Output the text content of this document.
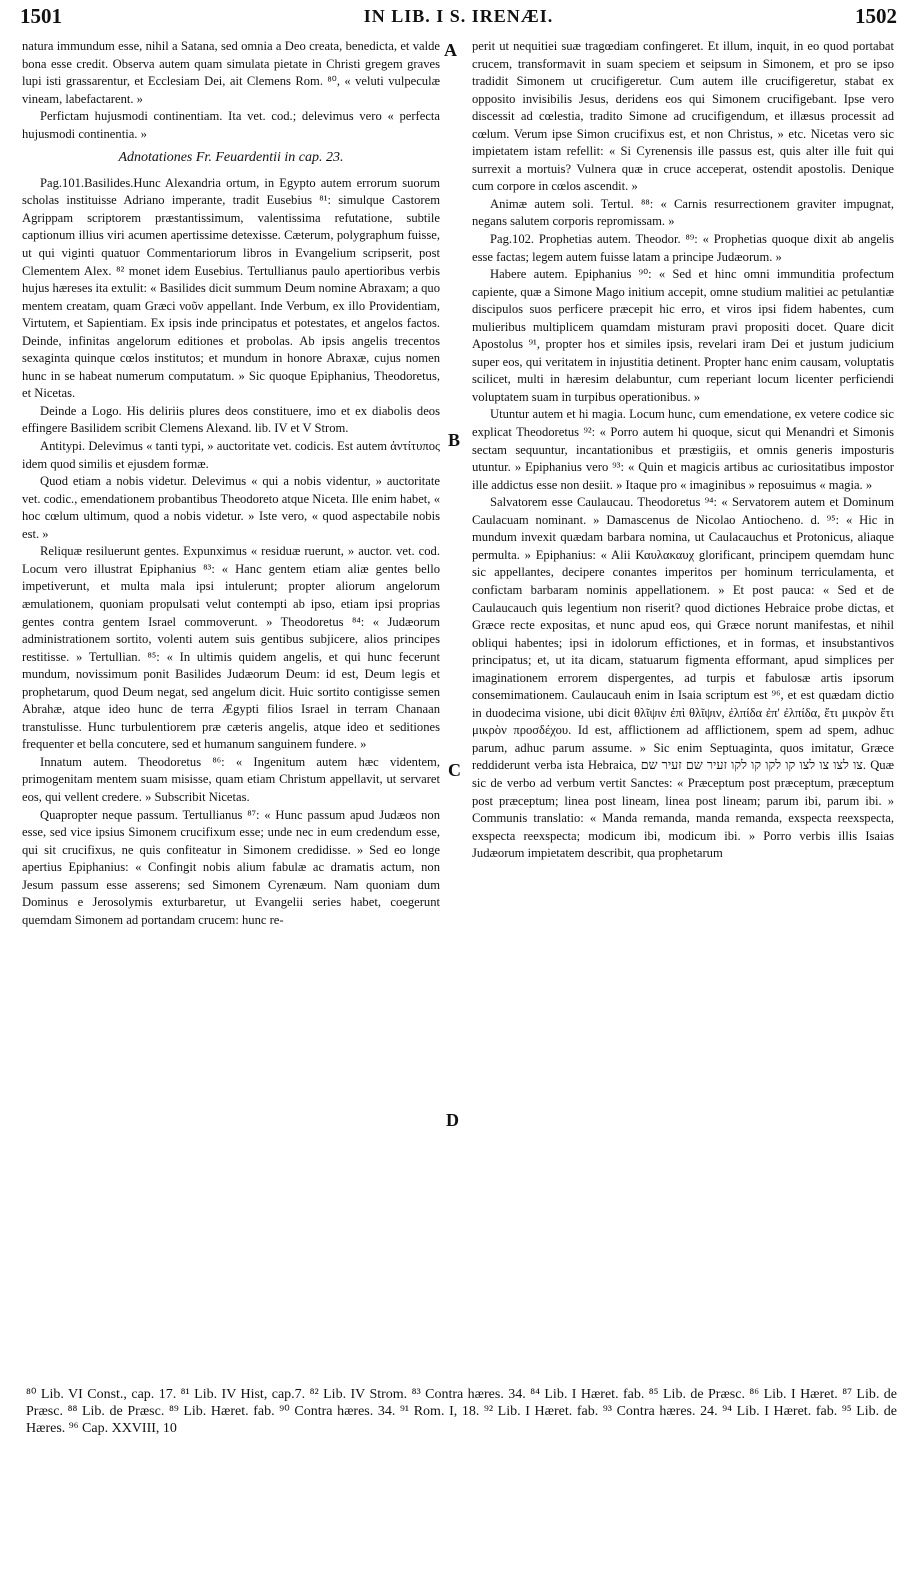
1501	IN LIB. I S. IRENÆI.	1502

natura immundum esse, nihil a Satana, sed omnia a Deo creata, benedicta, et valde bona esse credit. Observa autem quam simulata pietate in Christi gregem graves lupi isti grassarentur, et Ecclesiam Dei, ait Clemens Rom. ⁸⁰, « veluti vulpeculæ vineam, labefactarent. »

Perfictam hujusmodi continentiam. Ita vet. cod.; delevimus vero « perfecta hujusmodi continentia. »

Adnotationes Fr. Feuardentii in cap. 23.

Pag.101.Basilides.Hunc Alexandria ortum, in Egypto autem errorum suorum scholas instituisse Adriano imperante, tradit Eusebius ⁸¹: simulque Castorem Agrippam scriptorem præstantissimum, valentissima refutatione, subtile captionum illius viri acumen apertissime detexisse. Cæterum, polygraphum fuisse, ut qui viginti quatuor Commentariorum libros in Evangelium scripserit, post Clementem Alex. ⁸² monet idem Eusebius. Tertullianus paulo apertioribus verbis hujus hæreses ita extulit: « Basilides dicit summum Deum nomine Abraxam; a quo mentem creatam, quam Græci νοῦν appellant. Inde Verbum, ex illo Providentiam, Virtutem, et Sapientiam. Ex ipsis inde principatus et potestates, et angelos factos. Deinde, infinitas angelorum editiones et probolas. Ab ipsis angelis trecentos sexaginta quinque cœlos institutos; et mundum in honore Abraxæ, cujus nomen hunc in se habeat numerum computatum. » Sic quoque Epiphanius, Theodoretus, et Nicetas.

Deinde a Logo. His deliriis plures deos constituere, imo et ex diabolis deos effingere Basilidem scribit Clemens Alexand. lib. IV et V Strom.

Antitypi. Delevimus « tanti typi, » auctoritate vet. codicis. Est autem ἀντίτυπος idem quod similis et ejusdem formæ.

Quod etiam a nobis videtur. Delevimus « qui a nobis videntur, » auctoritate vet. codic., emendationem probantibus Theodoreto atque Niceta. Ille enim habet, « hoc cœlum ultimum, quod a nobis videtur. » Iste vero, « quod aspectabile nobis est. »

Reliquæ resiluerunt gentes. Expunximus « residuæ ruerunt, » auctor. vet. cod. Locum vero illustrat Epiphanius ⁸³: « Hanc gentem etiam aliæ gentes bello impetiverunt, et multa mala ipsi intulerunt; propter aliorum angelorum æmulationem, quoniam propulsati velut contempti ab ipso, etiam ipsi proprias gentes contra gentem Israel commoverunt. » Theodoretus ⁸⁴: « Judæorum administrationem sortito, volenti autem suis gentibus subjicere, alios principes restitisse. » Tertullian. ⁸⁵: « In ultimis quidem angelis, et qui hunc fecerunt mundum, novissimum ponit Basilides Judæorum Deum: id est, Deum legis et prophetarum, quod Deum negat, sed angelum dicit. Huic sortito contigisse semen Abrahæ, atque ideo hunc de terra Ægypti filios Israel in terram Chanaan transtulisse. Hunc turbulentiorem præ cæteris angelis, atque ideo et seditiones frequenter et bella concutere, sed et humanum sanguinem fundere. »

Innatum autem. Theodoretus ⁸⁶: « Ingenitum autem hæc videntem, primogenitam mentem suam misisse, quam etiam Christum appellavit, ut servaret eos, qui vellent credere. » Subscribit Nicetas.

Quapropter neque passum. Tertullianus ⁸⁷: « Hunc passum apud Judæos non esse, sed vice ipsius Simonem crucifixum esse; unde nec in eum credendum esse, qui sit crucifixus, ne quis confiteatur in Simonem credidisse. » Sed eo longe apertius Epiphanius: « Confingit nobis alium fabulæ ac dramatis actum, non Jesum passum esse asserens; sed Simonem Cyrenæum. Nam quoniam dum Dominus e Jerosolymis exturbaretur, ut Evangelii series habet, coegerunt quemdam Simonem ad portandam crucem: hunc re-

A
B
C
D

perit ut nequitiei suæ tragœdiam confingeret. Et illum, inquit, in eo quod portabat crucem, transformavit in suam speciem et seipsum in Simonem, et pro se ipso tradidit Simonem ut crucifigeretur. Cum autem ille crucifigeretur, stabat ex opposito invisibilis Jesus, deridens eos qui Simonem crucifigebant. Ipse vero discessit ad cœlestia, tradito Simone ad crucifigendum, et illæsus processit ad cœlum. Verum ipse Simon crucifixus est, et non Christus, » etc. Nicetas vero sic impietatem istam refellit: « Si Cyrenensis ille passus est, quis alter ille fuit qui surrexit a mortuis? Vulnera quæ in cruce acceperat, ostendit apostolis. Denique cum corpore in cœlos ascendit. »

Animæ autem soli. Tertul. ⁸⁸: « Carnis resurrectionem graviter impugnat, negans salutem corporis repromissam. »

Pag.102. Prophetias autem. Theodor. ⁸⁹: « Prophetias quoque dixit ab angelis esse factas; legem autem fuisse latam a principe Judæorum. »

Habere autem. Epiphanius ⁹⁰: « Sed et hinc omni immunditia profectum capiente, quæ a Simone Mago initium accepit, omne studium malitiei ac petulantiæ discipulos suos perficere præcepit hic erro, et viros ipsi fidem habentes, cum mulieribus multiplicem quamdam misturam pravi propositi docet. Quare dicit Apostolus ⁹¹, propter hos et similes ipsis, revelari iram Dei et justum judicium super eos, qui veritatem in injustitia detinent. Propter hanc enim causam, voluptatis scilicet, multi in hæresim delabuntur, cum reperiant locum licenter perficiendi voluptatem suam in turpibus operationibus. »

Utuntur autem et hi magia. Locum hunc, cum emendatione, ex vetere codice sic explicat Theodoretus ⁹²: « Porro autem hi quoque, sicut qui Menandri et Simonis sectam sequuntur, incantationibus et præstigiis, et omnis generis imposturis utuntur. » Epiphanius vero ⁹³: « Quin et magicis artibus ac curiositatibus impostor ille addictus esse non desiit. » Itaque pro « imaginibus » reposuimus « magia. »

Salvatorem esse Caulaucau. Theodoretus ⁹⁴: « Servatorem autem et Dominum Caulacuam nominant. » Damascenus de Nicolao Antiocheno. d. ⁹⁵: « Hic in mundum invexit quædam barbara nomina, ut Caulacauchus et Protonicus, aliaque permulta. » Epiphanius: « Alii Καυλακαυχ glorificant, principem quemdam hunc sic appellantes, decipere conantes imperitos per hominum terriculamenta, et confictam barbaram nominis appellationem. » Et post pauca: « Sed et de Caulaucauch quis legentium non riserit? quod dictiones Hebraice probe dictas, et Græce recte expositas, et nunc apud eos, qui Græce norunt manifestas, et nihil obliqui habentes; ipsi in idolorum effictiones, et in formas, et insubstantivos principatus; et, ut ita dicam, statuarum figmenta efformant, apud simplices per imaginationem errorem dispergentes, ad turpis et fabulosæ artis ipsorum consemimationem. Caulaucauh enim in Isaia scriptum est ⁹⁶, et est quædam dictio in duodecima visione, ubi dicit θλῖψιν ἐπὶ θλῖψιν, ἐλπίδα ἐπ' ἐλπίδα, ἔτι μικρὸν ἔτι μικρὸν προσδέχου. Id est, afflictionem ad afflictionem, spem ad spem, adhuc parum, adhuc parum assume. » Sic enim Septuaginta, quos imitatur, Græce reddiderunt verba ista Hebraica, צו לצו צו לצו קו לקו קו לקו זעיר שם זעיר שם. Quæ sic de verbo ad verbum vertit Sanctes: « Præceptum post præceptum, præceptum post præceptum; linea post lineam, linea post lineam; parum ibi, parum ibi. » Communis translatio: « Manda remanda, manda remanda, exspecta reexspecta, exspecta reexspecta; modicum ibi, modicum ibi. » Porro verbis illis Isaias Judæorum impietatem describit, qua prophetarum

⁸⁰ Lib. VI Const., cap. 17. ⁸¹ Lib. IV Hist, cap.7. ⁸² Lib. IV Strom. ⁸³ Contra hæres. 34. ⁸⁴ Lib. I Hæret. fab. ⁸⁵ Lib. de Præsc. ⁸⁶ Lib. I Hæret. ⁸⁷ Lib. de Præsc. ⁸⁸ Lib. de Præsc. ⁸⁹ Lib. Hæret. fab. ⁹⁰ Contra hæres. 34. ⁹¹ Rom. I, 18. ⁹² Lib. I Hæret. fab. ⁹³ Contra hæres. 24. ⁹⁴ Lib. I Hæret. fab. ⁹⁵ Lib. de Hæres. ⁹⁶ Cap. XXVIII, 10
